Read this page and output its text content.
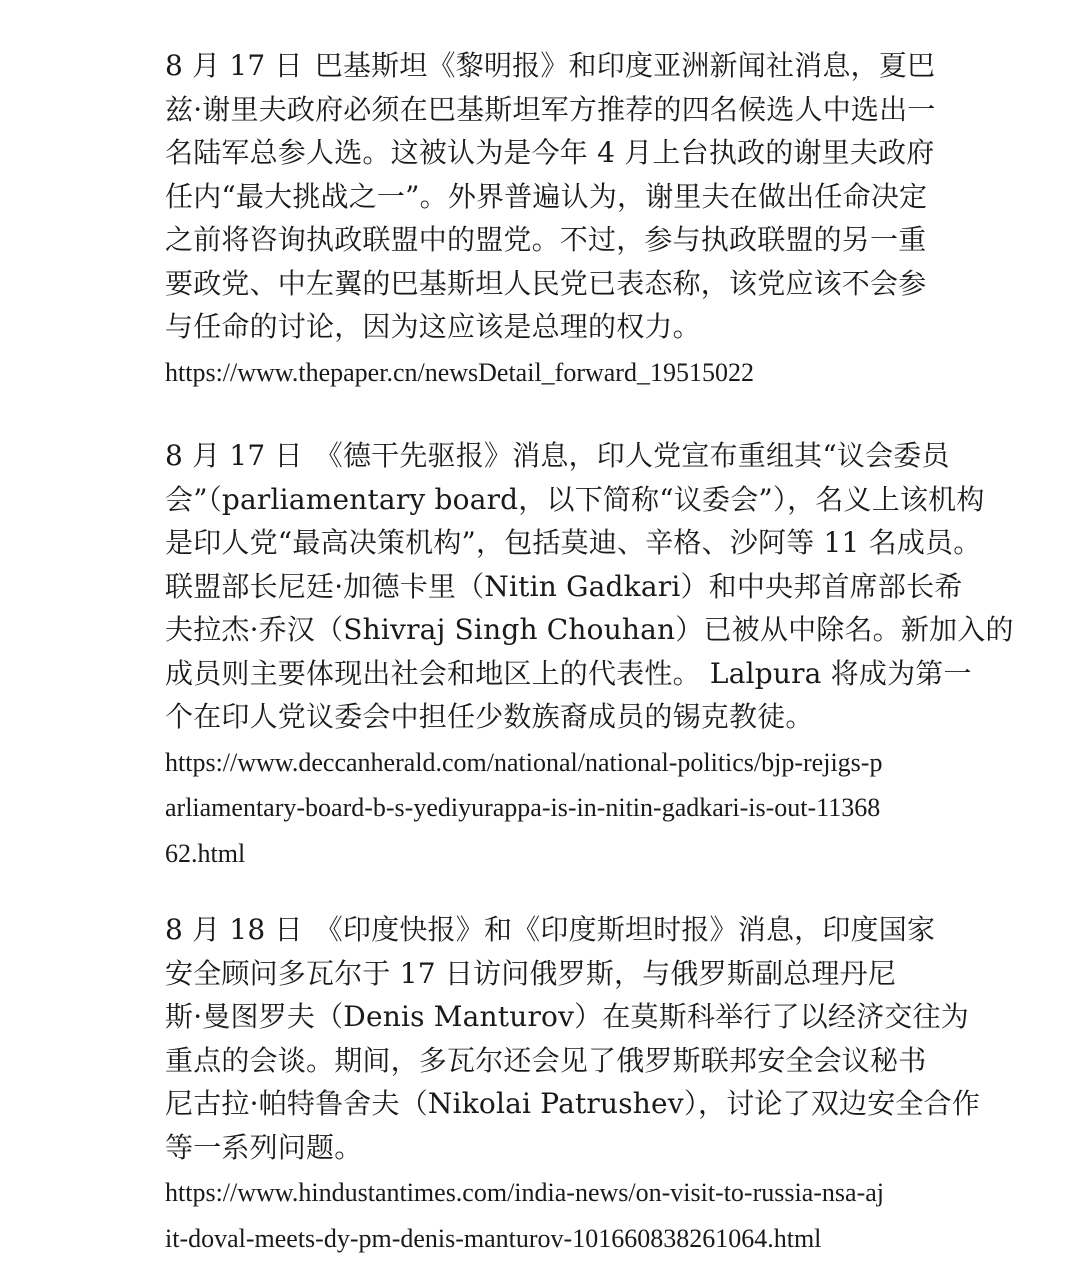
8 月 17 日 巴基斯坦《黎明报》和印度亚洲新闻社消息，夏巴
兹·谢里夫政府必须在巴基斯坦军方推荐的四名候选人中选出一
名陆军总参人选。这被认为是今年 4 月上台执政的谢里夫政府
任内“最大挑战之一”。外界普遍认为，谢里夫在做出任命决定
之前将咨询执政联盟中的盟党。不过，参与执政联盟的另一重
要政党、中左翼的巴基斯坦人民党已表态称，该党应该不会参
与任命的讨论，因为这应该是总理的权力。
https://www.thepaper.cn/newsDetail_forward_19515022
8 月 17 日 《德干先驱报》消息，印人党宣布重组其“议会委员
会”（parliamentary board，以下简称“议委会”），名义上该机构
是印人党“最高决策机构”，包括莫迪、辛格、沙阿等 11 名成员。
联盟部长尼廷·加德卡里（Nitin Gadkari）和中央邦首席部长希
夫拉杰·乔汉（Shivraj Singh Chouhan）已被从中除名。新加入的
成员则主要体现出社会和地区上的代表性。 Lalpura 将成为第一
个在印人党议委会中担任少数族裔成员的锡克教徒。
https://www.deccanherald.com/national/national-politics/bjp-rejigs-p
arliamentary-board-b-s-yediyurappa-is-in-nitin-gadkari-is-out-11368
62.html
8 月 18 日 《印度快报》和《印度斯坦时报》消息，印度国家
安全顾问多瓦尔于 17 日访问俄罗斯，与俄罗斯副总理丹尼
斯·曼图罗夫（Denis Manturov）在莫斯科举行了以经济交往为
重点的会谈。期间，多瓦尔还会见了俄罗斯联邦安全会议秘书
尼古拉·帕特鲁舍夫（Nikolai Patrushev），讨论了双边安全合作
等一系列问题。
https://www.hindustantimes.com/india-news/on-visit-to-russia-nsa-aj
it-doval-meets-dy-pm-denis-manturov-101660838261064.html
